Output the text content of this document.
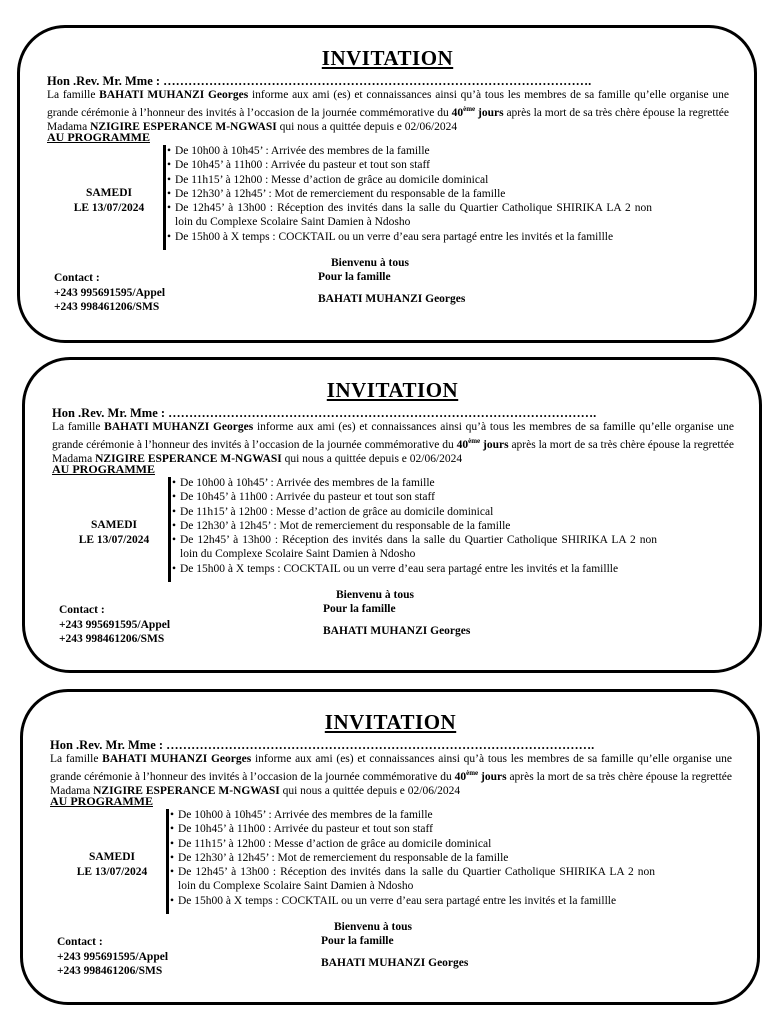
INVITATION
Hon .Rev. Mr. Mme : ………………………………………………………………………………………….
La famille BAHATI MUHANZI Georges informe aux ami (es) et connaissances ainsi qu’à tous les membres de sa famille qu’elle organise une grande cérémonie à l’honneur des invités à l’occasion de la journée commémorative du 40ème jours après la mort de sa très chère épouse la regrettée Madama NZIGIRE ESPERANCE M-NGWASI qui nous a quittée depuis e 02/06/2024
AU PROGRAMME
SAMEDI
LE 13/07/2024
• De 10h00 à 10h45’ : Arrivée des membres de la famille
• De 10h45’ à 11h00 : Arrivée du pasteur et tout son staff
• De 11h15’ à 12h00 : Messe d’action de grâce au domicile dominical
• De 12h30’ à 12h45’ : Mot de remerciement du responsable de la famille
• De 12h45’ à 13h00 : Réception des invités dans la salle du Quartier Catholique SHIRIKA LA 2 non loin du Complexe Scolaire Saint Damien à Ndosho
• De 15h00 à X temps : COCKTAIL ou un verre d’eau sera partagé entre les invités et la famillle
Bienvenu à tous
Contact :
+243 995691595/Appel
+243 998461206/SMS
Pour la famille
BAHATI MUHANZI Georges
INVITATION
Hon .Rev. Mr. Mme : ………………………………………………………………………………………….
La famille BAHATI MUHANZI Georges informe aux ami (es) et connaissances ainsi qu’à tous les membres de sa famille qu’elle organise une grande cérémonie à l’honneur des invités à l’occasion de la journée commémorative du 40ème jours après la mort de sa très chère épouse la regrettée Madama NZIGIRE ESPERANCE M-NGWASI qui nous a quittée depuis e 02/06/2024
AU PROGRAMME
SAMEDI
LE 13/07/2024
• De 10h00 à 10h45’ : Arrivée des membres de la famille
• De 10h45’ à 11h00 : Arrivée du pasteur et tout son staff
• De 11h15’ à 12h00 : Messe d’action de grâce au domicile dominical
• De 12h30’ à 12h45’ : Mot de remerciement du responsable de la famille
• De 12h45’ à 13h00 : Réception des invités dans la salle du Quartier Catholique SHIRIKA LA 2 non loin du Complexe Scolaire Saint Damien à Ndosho
• De 15h00 à X temps : COCKTAIL ou un verre d’eau sera partagé entre les invités et la famillle
Bienvenu à tous
Contact :
+243 995691595/Appel
+243 998461206/SMS
Pour la famille
BAHATI MUHANZI Georges
INVITATION
Hon .Rev. Mr. Mme : ………………………………………………………………………………………….
La famille BAHATI MUHANZI Georges informe aux ami (es) et connaissances ainsi qu’à tous les membres de sa famille qu’elle organise une grande cérémonie à l’honneur des invités à l’occasion de la journée commémorative du 40ème jours après la mort de sa très chère épouse la regrettée Madama NZIGIRE ESPERANCE M-NGWASI qui nous a quittée depuis e 02/06/2024
AU PROGRAMME
SAMEDI
LE 13/07/2024
• De 10h00 à 10h45’ : Arrivée des membres de la famille
• De 10h45’ à 11h00 : Arrivée du pasteur et tout son staff
• De 11h15’ à 12h00 : Messe d’action de grâce au domicile dominical
• De 12h30’ à 12h45’ : Mot de remerciement du responsable de la famille
• De 12h45’ à 13h00 : Réception des invités dans la salle du Quartier Catholique SHIRIKA LA 2 non loin du Complexe Scolaire Saint Damien à Ndosho
• De 15h00 à X temps : COCKTAIL ou un verre d’eau sera partagé entre les invités et la famillle
Bienvenu à tous
Contact :
+243 995691595/Appel
+243 998461206/SMS
Pour la famille
BAHATI MUHANZI Georges
